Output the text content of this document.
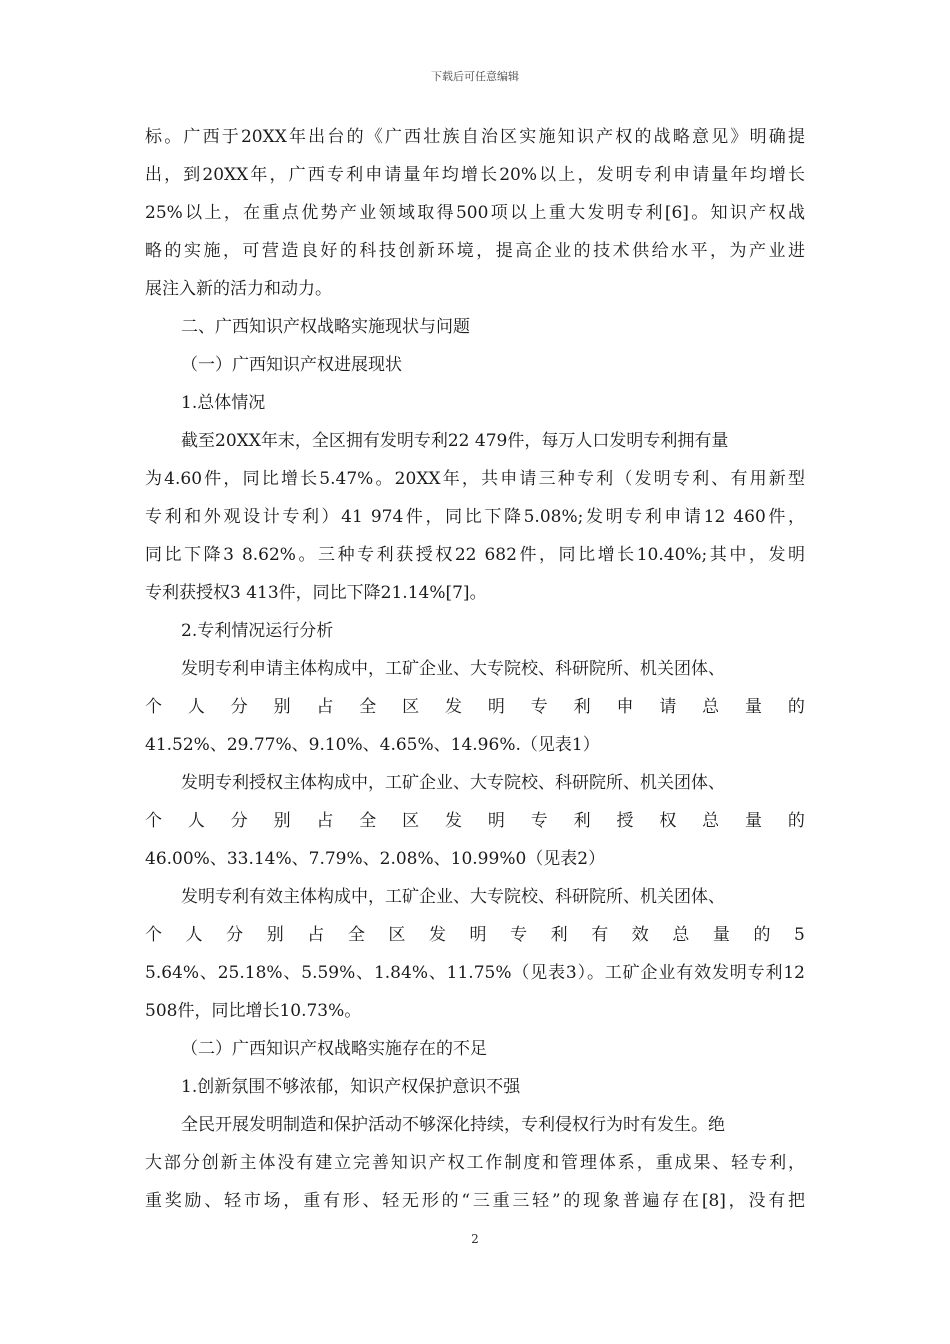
下载后可任意编辑
标。广西于20XX年出台的《广西壮族自治区实施知识产权的战略意见》明确提
出，到20XX年，广西专利申请量年均增长20%以上，发明专利申请量年均增长
25%以上，在重点优势产业领域取得500项以上重大发明专利[6]。知识产权战
略的实施，可营造良好的科技创新环境，提高企业的技术供给水平，为产业进
展注入新的活力和动力。
二、广西知识产权战略实施现状与问题
（一）广西知识产权进展现状
1.总体情况
截至20XX年末，全区拥有发明专利22 479件，每万人口发明专利拥有量
为4.60件，同比增长5.47%。20XX年，共申请三种专利（发明专利、有用新型
专利和外观设计专利）41 974件，同比下降5.08%;发明专利申请12 460件，
同比下降3 8.62%。三种专利获授权22 682件，同比增长10.40%;其中，发明
专利获授权3 413件，同比下降21.14%[7]。
2.专利情况运行分析
发明专利申请主体构成中，工矿企业、大专院校、科研院所、机关团体、
个 人 分 别 占 全 区 发 明 专 利 申 请 总 量 的
41.52%、29.77%、9.10%、4.65%、14.96%.（见表1）
发明专利授权主体构成中，工矿企业、大专院校、科研院所、机关团体、
个 人 分 别 占 全 区 发 明 专 利 授 权 总 量 的
46.00%、33.14%、7.79%、2.08%、10.99%0（见表2）
发明专利有效主体构成中，工矿企业、大专院校、科研院所、机关团体、
个 人 分 别 占 全 区 发 明 专 利 有 效 总 量 的 5
5.64%、25.18%、5.59%、1.84%、11.75%（见表3）。工矿企业有效发明专利12
508件，同比增长10.73%。
（二）广西知识产权战略实施存在的不足
1.创新氛围不够浓郁，知识产权保护意识不强
全民开展发明制造和保护活动不够深化持续，专利侵权行为时有发生。绝
大部分创新主体没有建立完善知识产权工作制度和管理体系，重成果、轻专利，
重奖励、轻市场，重有形、轻无形的“三重三轻”的现象普遍存在[8]，没有把
2
